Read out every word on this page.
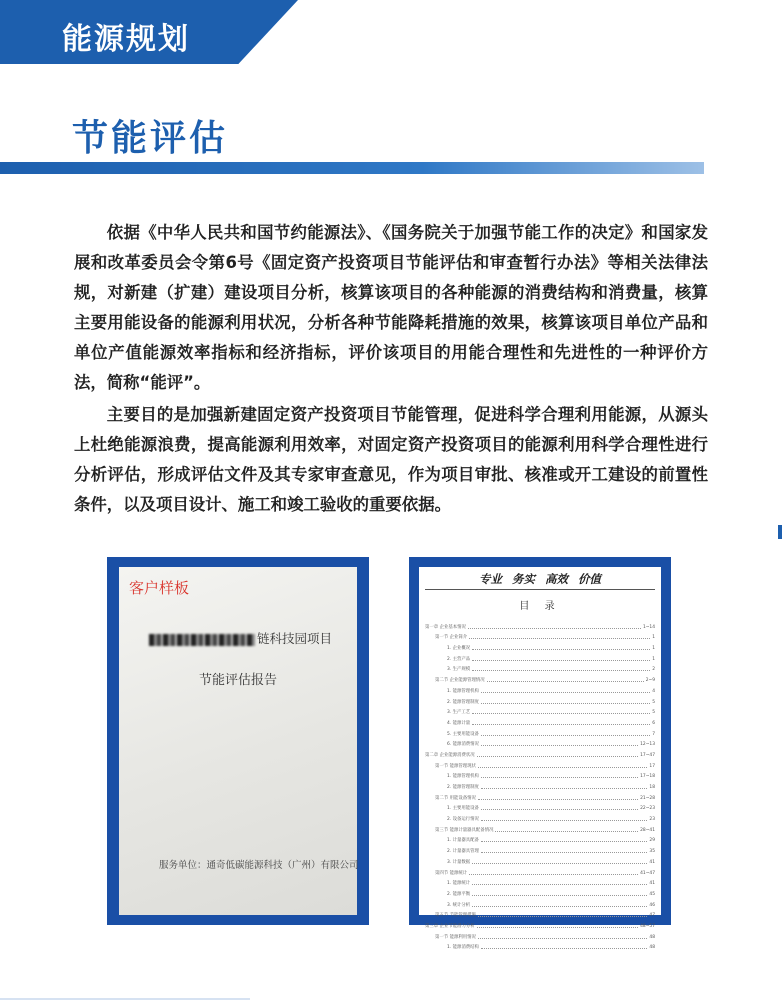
能源规划
节能评估

依据《中华人民共和国节约能源法》、《国务院关于加强节能工作的决定》和国家发展和改革委员会令第6号《固定资产投资项目节能评估和审查暂行办法》等相关法律法规，对新建（扩建）建设项目分析，核算该项目的各种能源的消费结构和消费量，核算主要用能设备的能源利用状况，分析各种节能降耗措施的效果，核算该项目单位产品和单位产值能源效率指标和经济指标，评价该项目的用能合理性和先进性的一种评价方法，简称“能评”。

主要目的是加强新建固定资产投资项目节能管理，促进科学合理利用能源，从源头上杜绝能源浪费，提高能源利用效率，对固定资产投资项目的能源利用科学合理性进行分析评估，形成评估文件及其专家审查意见，作为项目审批、核准或开工建设的前置性条件，以及项目设计、施工和竣工验收的重要依据。

客户样板
链科技园项目
节能评估报告
服务单位：通奇低碳能源科技（广州）有限公司
专业 务实 高效 价值
目 录
第一章 企业基本情况	1~14
第一节 企业简介	1
1. 企业概况	1
2. 主营产品	1
3. 生产规模	2
第二节 企业能源管理情况	2~9
1. 能源管理机构	4
2. 能源管理制度	5
3. 生产工艺	5
4. 能源计量	6
5. 主要用能设备	7
6. 能源消费情况	12~13
第二章 企业能源消费状况	17~47
第一节 能源管理现状	17
1. 能源管理机构	17~18
2. 能源管理制度	18
第二节 用能设备情况	21~28
1. 主要用能设备	22~23
2. 设备运行情况	23
第三节 能源计量器具配备情况	28~41
1. 计量器具配备	29
2. 计量器具管理	35
3. 计量数据	41
第四节 能源统计	41~47
1. 能源统计	41
2. 能源平衡	45
3. 统计分析	46
第五节 节能管理措施	47
第三章 企业节能潜力分析	48~57
第一节 能源利用情况	48
1. 能源消费结构	48
